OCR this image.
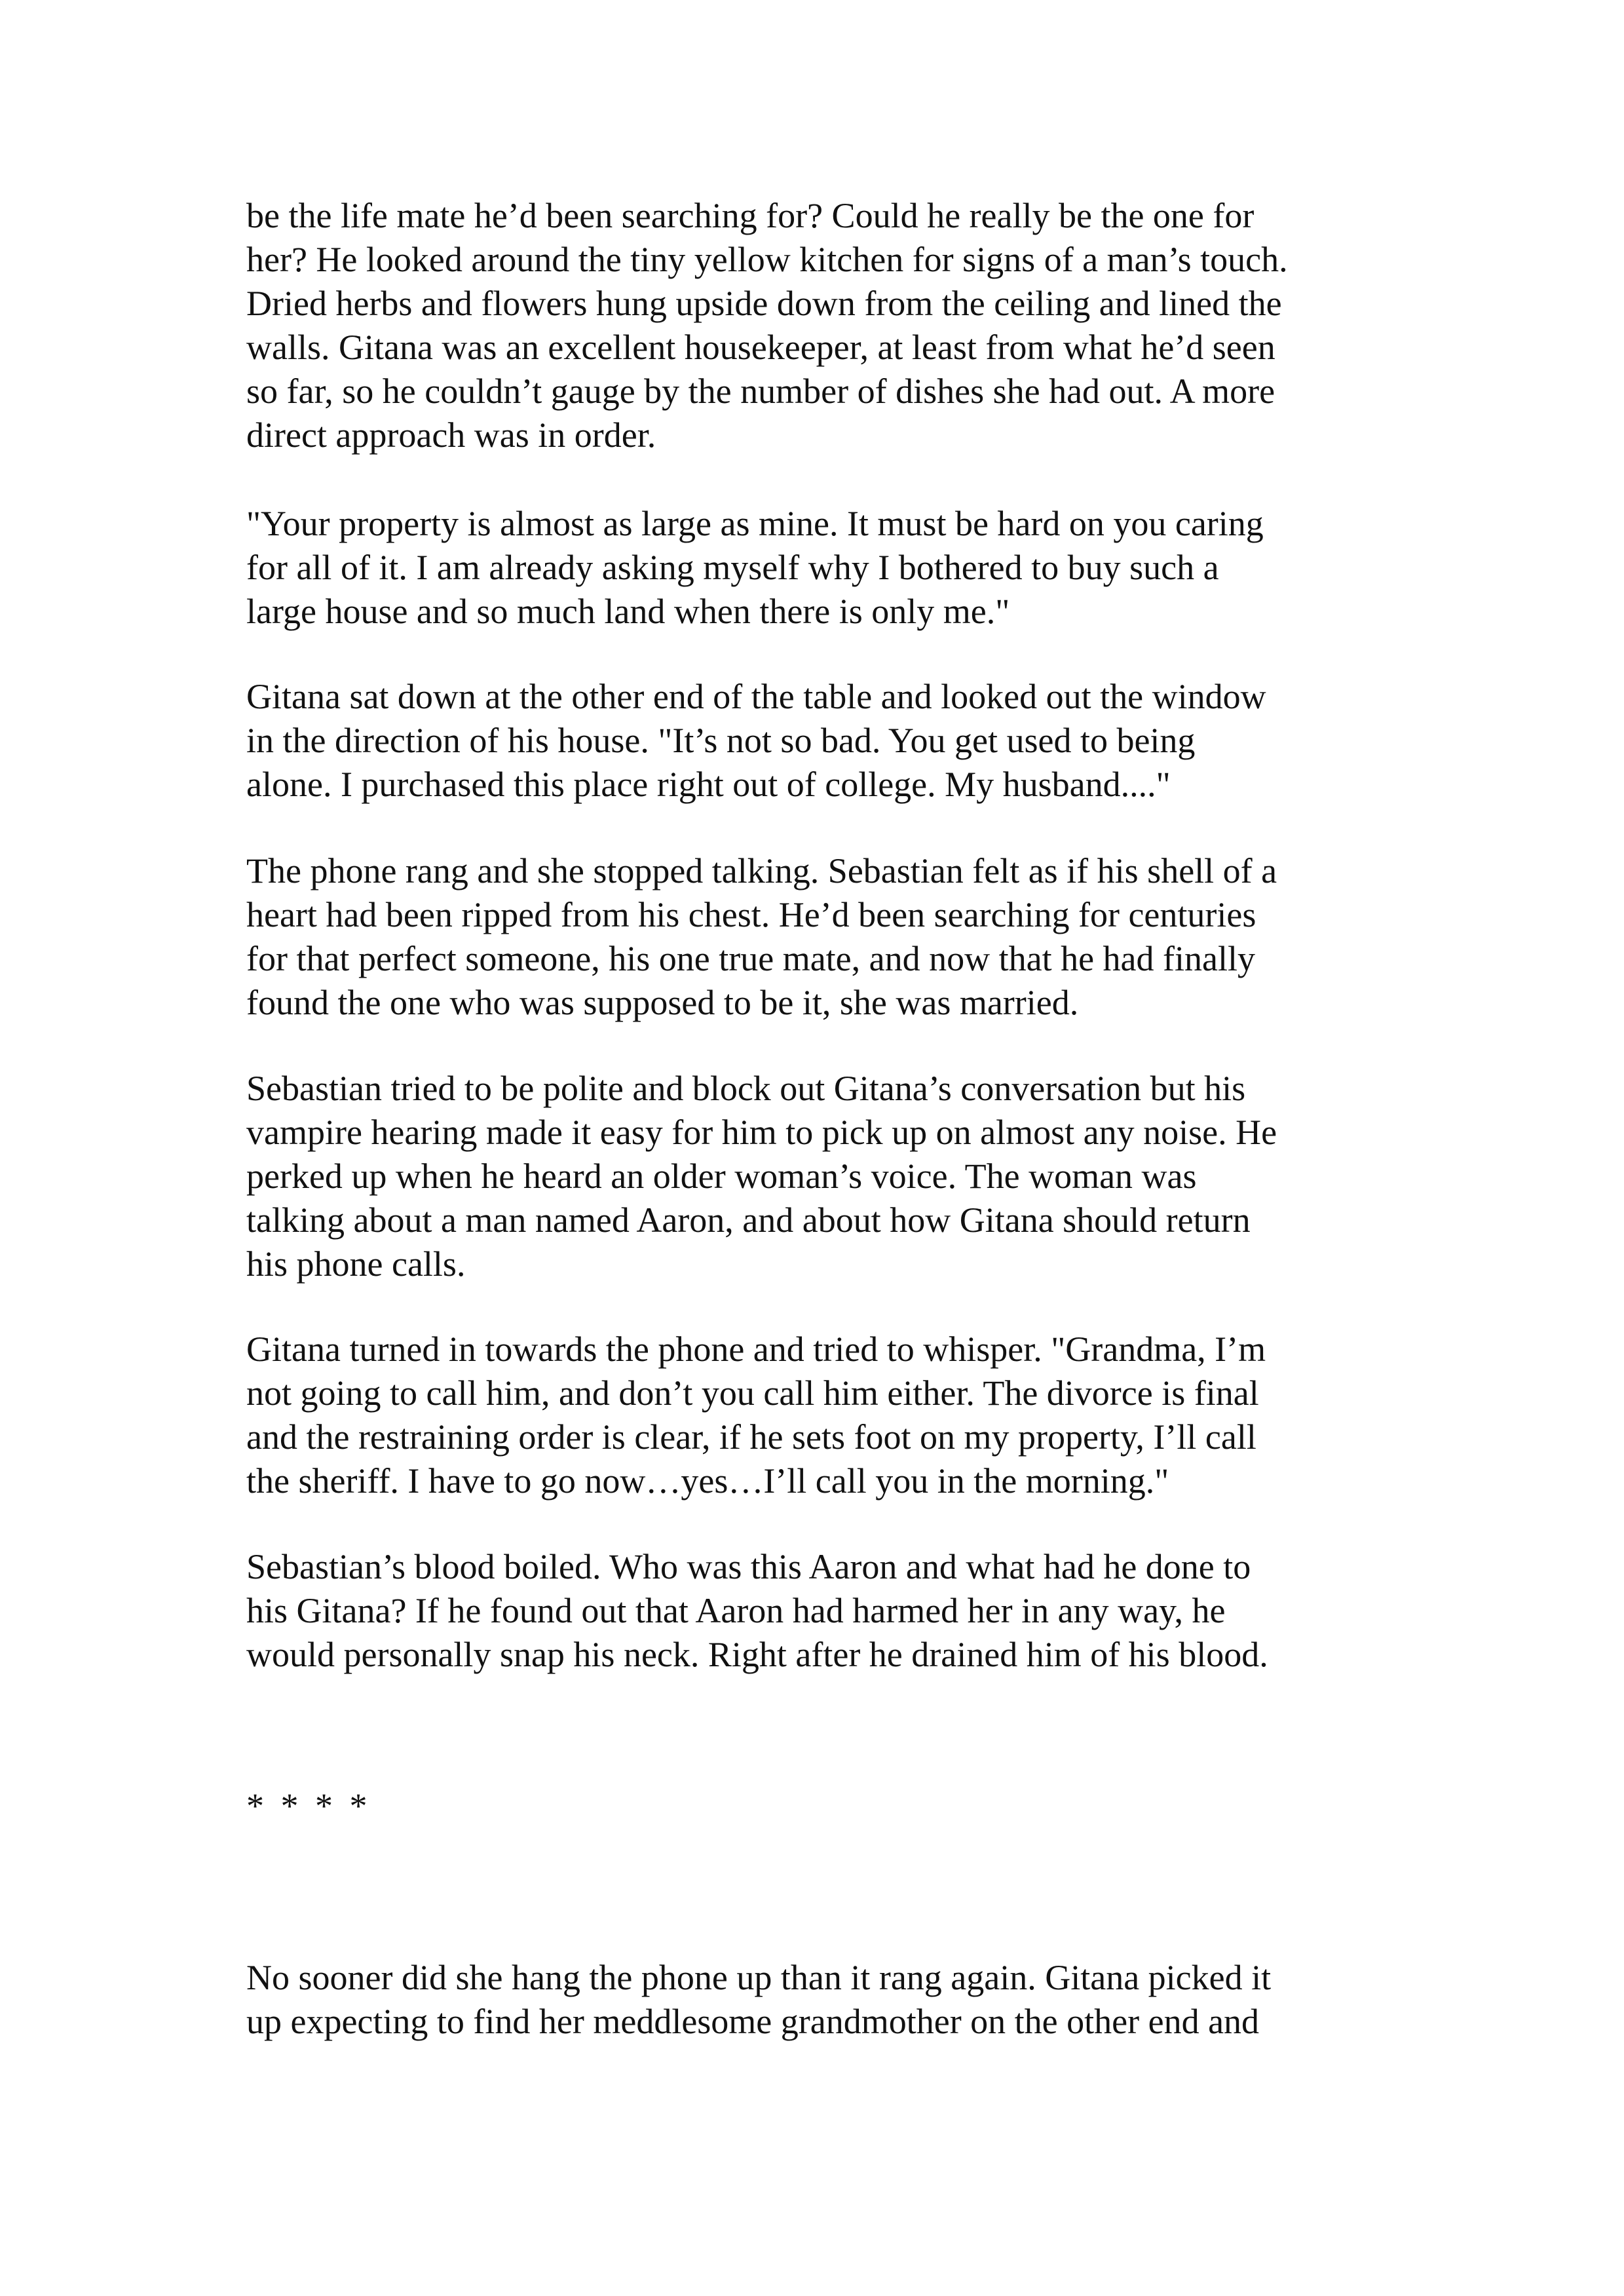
be the life mate he’d been searching for? Could he really be the one for
her? He looked around the tiny yellow kitchen for signs of a man’s touch.
Dried herbs and flowers hung upside down from the ceiling and lined the
walls. Gitana was an excellent housekeeper, at least from what he’d seen
so far, so he couldn’t gauge by the number of dishes she had out. A more
direct approach was in order.

"Your property is almost as large as mine. It must be hard on you caring
for all of it. I am already asking myself why I bothered to buy such a
large house and so much land when there is only me."

Gitana sat down at the other end of the table and looked out the window
in the direction of his house. "It’s not so bad. You get used to being
alone. I purchased this place right out of college. My husband...."

The phone rang and she stopped talking. Sebastian felt as if his shell of a
heart had been ripped from his chest. He’d been searching for centuries
for that perfect someone, his one true mate, and now that he had finally
found the one who was supposed to be it, she was married.

Sebastian tried to be polite and block out Gitana’s conversation but his
vampire hearing made it easy for him to pick up on almost any noise. He
perked up when he heard an older woman’s voice. The woman was
talking about a man named Aaron, and about how Gitana should return
his phone calls.

Gitana turned in towards the phone and tried to whisper. "Grandma, I’m
not going to call him, and don’t you call him either. The divorce is final
and the restraining order is clear, if he sets foot on my property, I’ll call
the sheriff. I have to go now…yes…I’ll call you in the morning."

Sebastian’s blood boiled. Who was this Aaron and what had he done to
his Gitana? If he found out that Aaron had harmed her in any way, he
would personally snap his neck. Right after he drained him of his blood.

* * * *

No sooner did she hang the phone up than it rang again. Gitana picked it
up expecting to find her meddlesome grandmother on the other end and
